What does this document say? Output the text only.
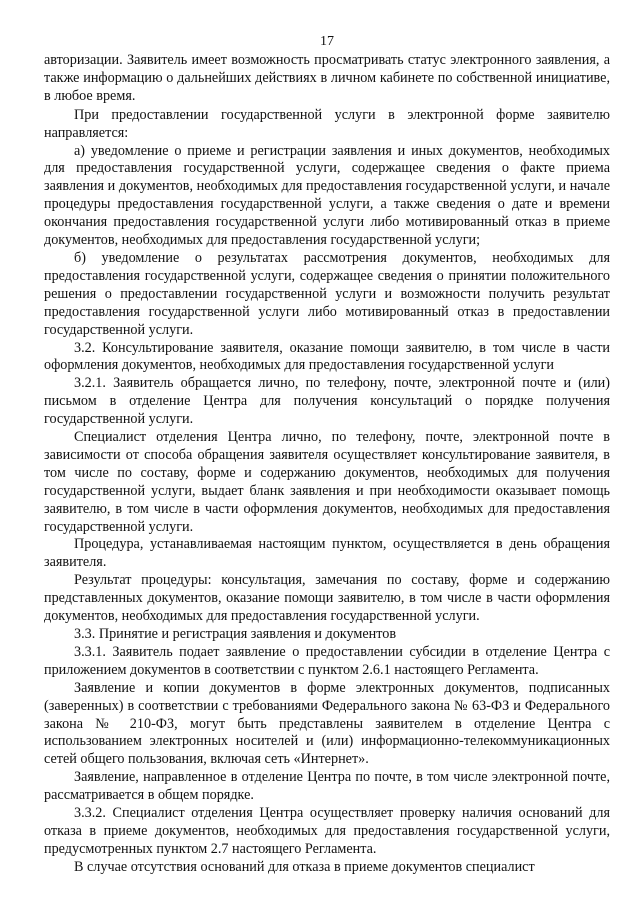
17

авторизации. Заявитель имеет возможность просматривать статус электронного заявления, а также информацию о дальнейших действиях в личном кабинете по собственной инициативе, в любое время.

При предоставлении государственной услуги в электронной форме заявителю направляется:

а) уведомление о приеме и регистрации заявления и иных документов, необходимых для предоставления государственной услуги, содержащее сведения о факте приема заявления и документов, необходимых для предоставления государственной услуги, и начале процедуры предоставления государственной услуги, а также сведения о дате и времени окончания предоставления государственной услуги либо мотивированный отказ в приеме документов, необходимых для предоставления государственной услуги;

б) уведомление о результатах рассмотрения документов, необходимых для предоставления государственной услуги, содержащее сведения о принятии положительного решения о предоставлении государственной услуги и возможности получить результат предоставления государственной услуги либо мотивированный отказ в предоставлении государственной услуги.

3.2. Консультирование заявителя, оказание помощи заявителю, в том числе в части оформления документов, необходимых для предоставления государственной услуги

3.2.1. Заявитель обращается лично, по телефону, почте, электронной почте и (или) письмом в отделение Центра для получения консультаций о порядке получения государственной услуги.

Специалист отделения Центра лично, по телефону, почте, электронной почте в зависимости от способа обращения заявителя осуществляет консультирование заявителя, в том числе по составу, форме и содержанию документов, необходимых для получения государственной услуги, выдает бланк заявления и при необходимости оказывает помощь заявителю, в том числе в части оформления документов, необходимых для предоставления государственной услуги.

Процедура, устанавливаемая настоящим пунктом, осуществляется в день обращения заявителя.

Результат процедуры: консультация, замечания по составу, форме и содержанию представленных документов, оказание помощи заявителю, в том числе в части оформления документов, необходимых для предоставления государственной услуги.

3.3. Принятие и регистрация заявления и документов

3.3.1. Заявитель подает заявление о предоставлении субсидии в отделение Центра с приложением документов в соответствии с пунктом 2.6.1 настоящего Регламента.

Заявление и копии документов в форме электронных документов, подписанных (заверенных) в соответствии с требованиями Федерального закона № 63-ФЗ и Федерального закона № 210-ФЗ, могут быть представлены заявителем в отделение Центра с использованием электронных носителей и (или) информационно-телекоммуникационных сетей общего пользования, включая сеть «Интернет».

Заявление, направленное в отделение Центра по почте, в том числе электронной почте, рассматривается в общем порядке.

3.3.2. Специалист отделения Центра осуществляет проверку наличия оснований для отказа в приеме документов, необходимых для предоставления государственной услуги, предусмотренных пунктом 2.7 настоящего Регламента.

В случае отсутствия оснований для отказа в приеме документов специалист
